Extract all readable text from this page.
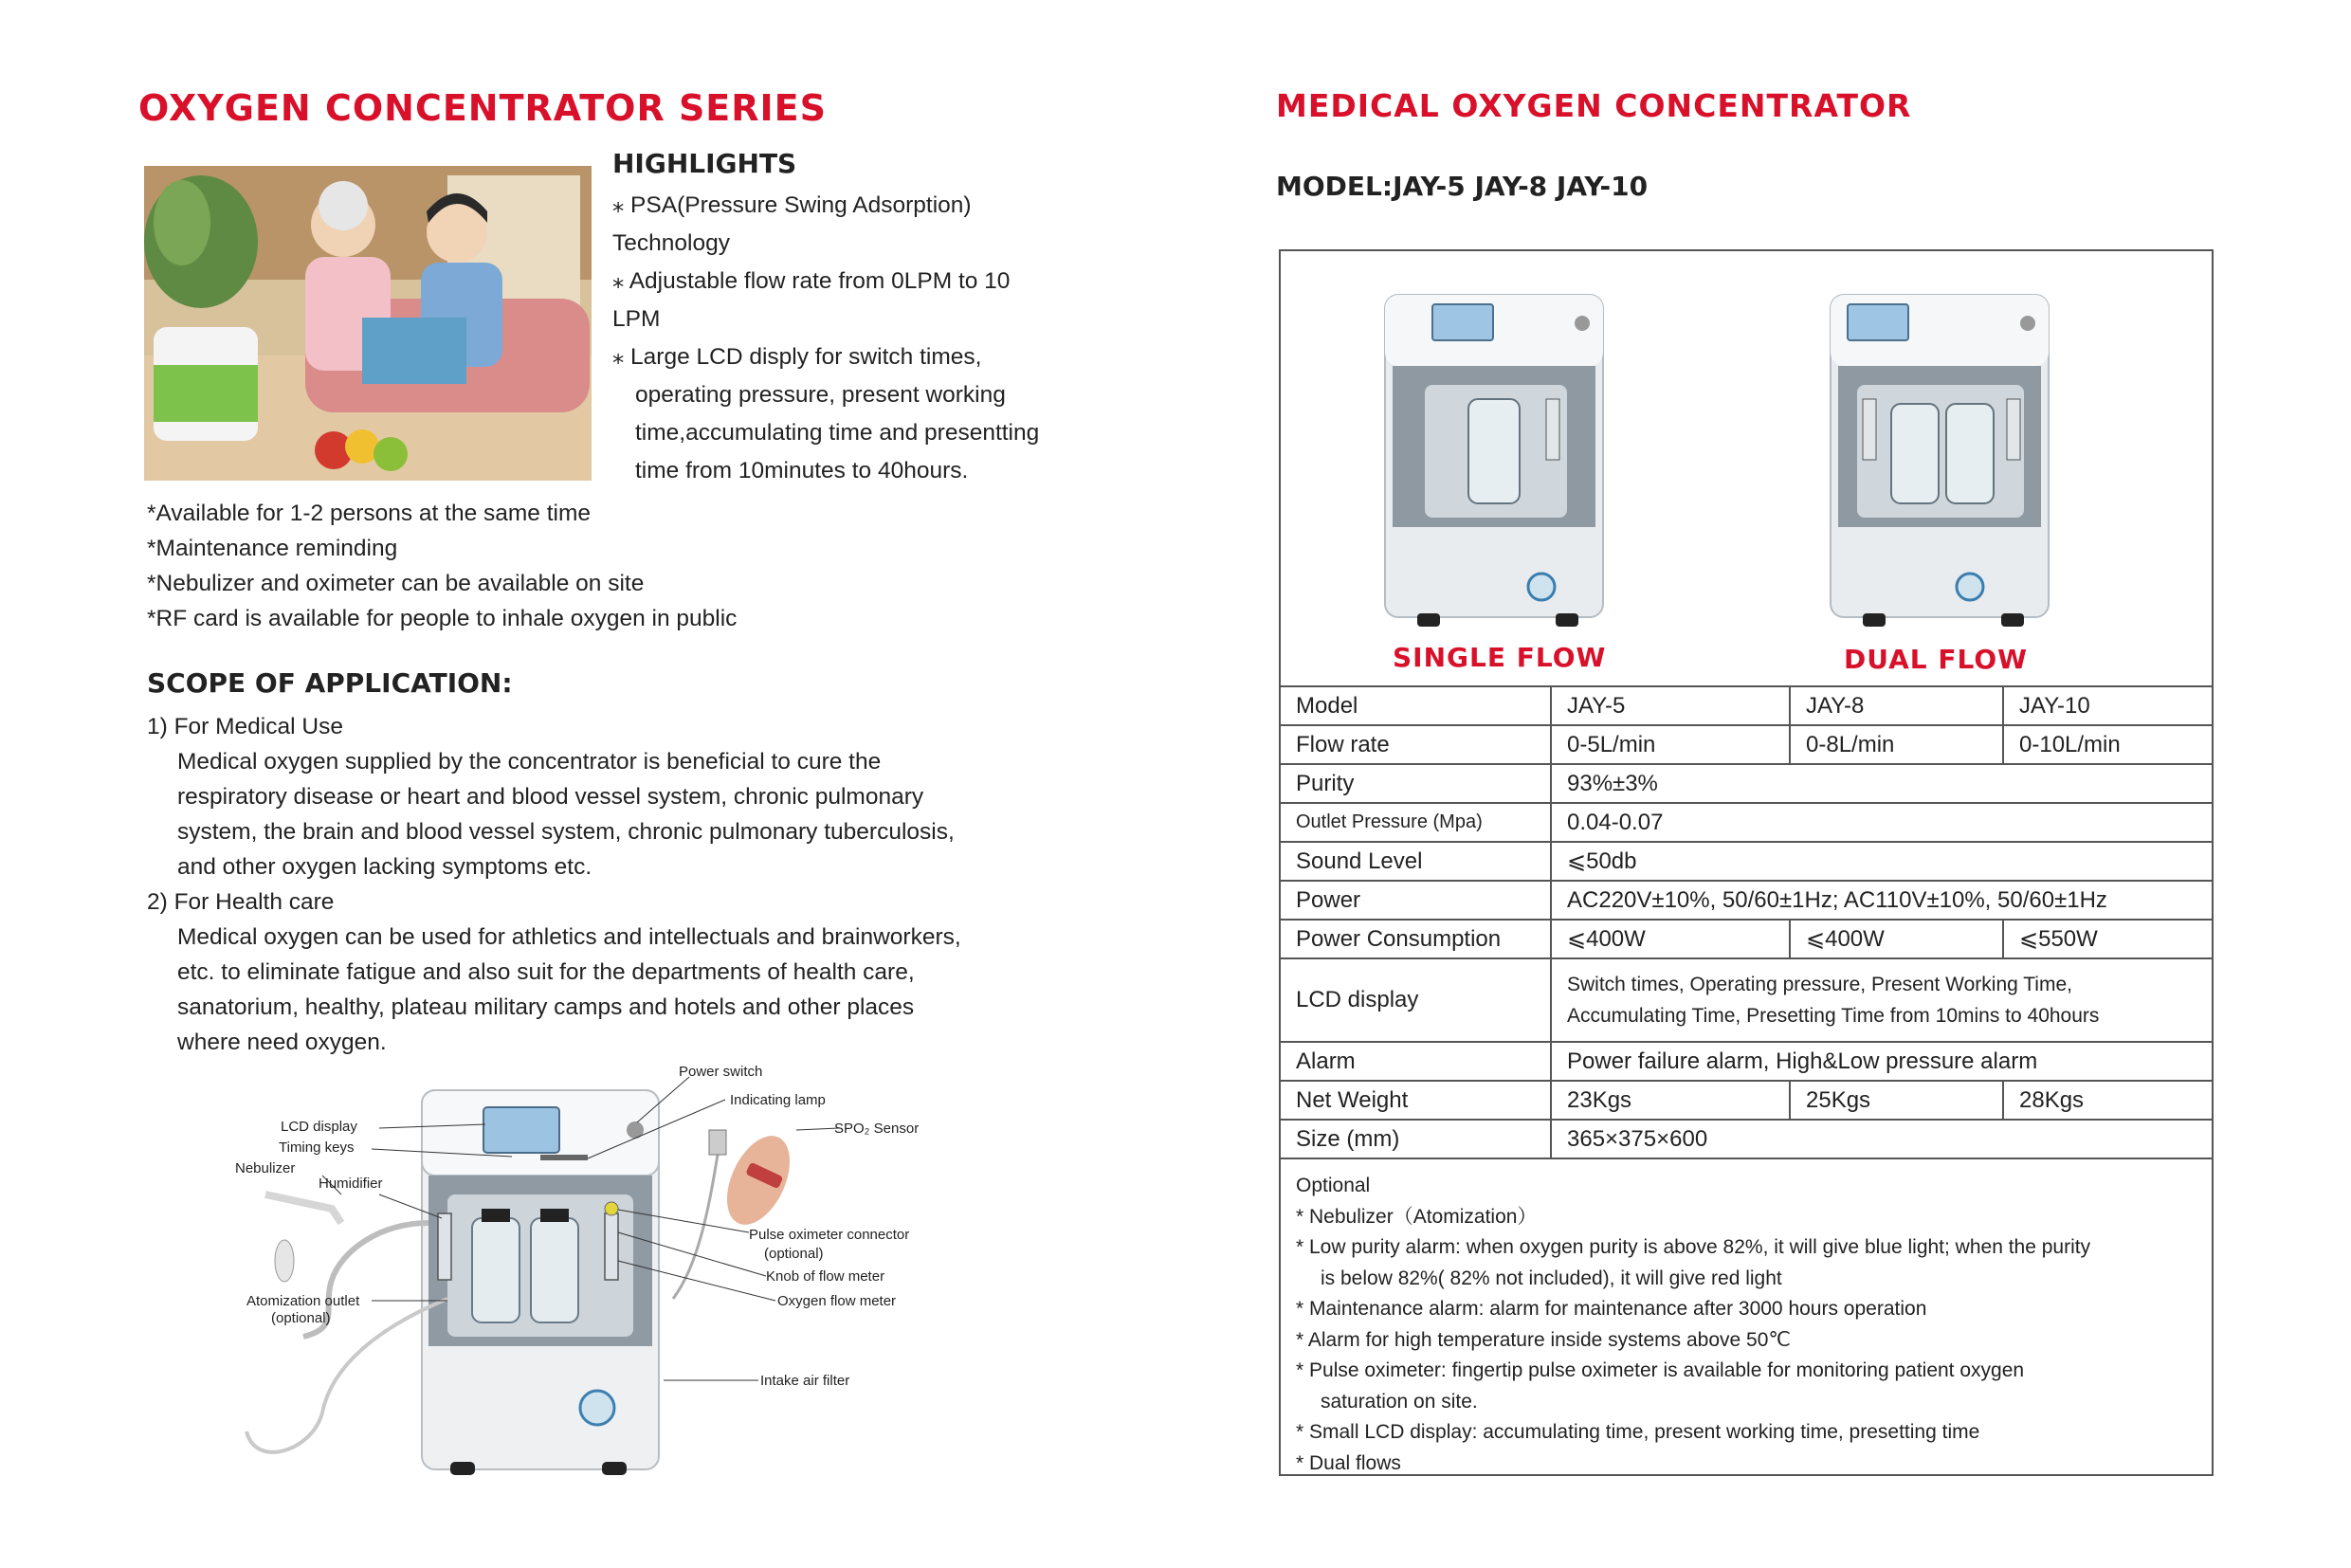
OXYGEN CONCENTRATOR SERIES
HIGHLIGHTS
⁎ PSA(Pressure Swing Adsorption)
Technology
⁎ Adjustable flow rate from 0LPM to 10
LPM
⁎ Large LCD disply for switch times,
operating pressure, present working
time,accumulating time and presentting
time from 10minutes to 40hours.
*Available for 1-2 persons at the same time
*Maintenance reminding
*Nebulizer and oximeter can be available on site
*RF card is available for people to inhale oxygen in public
SCOPE OF APPLICATION:
1) For Medical Use
Medical oxygen supplied by the concentrator is beneficial to cure the
respiratory disease or heart and blood vessel system, chronic pulmonary
system, the brain and blood vessel system, chronic pulmonary tuberculosis,
and other oxygen lacking symptoms etc.
2) For Health care
Medical oxygen can be used for athletics and intellectuals and brainworkers,
etc. to eliminate fatigue and also suit for the departments of health care,
sanatorium, healthy, plateau military camps and hotels and other places
where need oxygen.
Power switch
Indicating lamp
SPO₂ Sensor
LCD display
Timing keys
Nebulizer
Humidifier
Pulse oximeter connector
(optional)
Knob of flow meter
Oxygen flow meter
Atomization outlet
(optional)
Intake air filter
MEDICAL OXYGEN CONCENTRATOR
MODEL:JAY-5 JAY-8 JAY-10
SINGLE FLOW	DUAL FLOW
Model	JAY-5	JAY-8	JAY-10
Flow rate	0-5L/min	0-8L/min	0-10L/min
Purity	93%±3%		
Outlet Pressure (Mpa)	0.04-0.07		
Sound Level	⩽50db		
Power	AC220V±10%, 50/60±1Hz; AC110V±10%, 50/60±1Hz		
Power Consumption	⩽400W	⩽400W	⩽550W
LCD display	Switch times, Operating pressure, Present Working Time,
Accumulating Time, Presetting Time from 10mins to 40hours		

Alarm	Power failure alarm, High&Low pressure alarm		
Net Weight	23Kgs	25Kgs	28Kgs
Size (mm)	365×375×600		
Optional
* Nebulizer（Atomization）
* Low purity alarm: when oxygen purity is above 82%, it will give blue light; when the purity
is below 82%( 82% not included), it will give red light
* Maintenance alarm: alarm for maintenance after 3000 hours operation
* Alarm for high temperature inside systems above 50℃
* Pulse oximeter: fingertip pulse oximeter is available for monitoring patient oxygen
saturation on site.
* Small LCD display: accumulating time, present working time, presetting time
* Dual flows
